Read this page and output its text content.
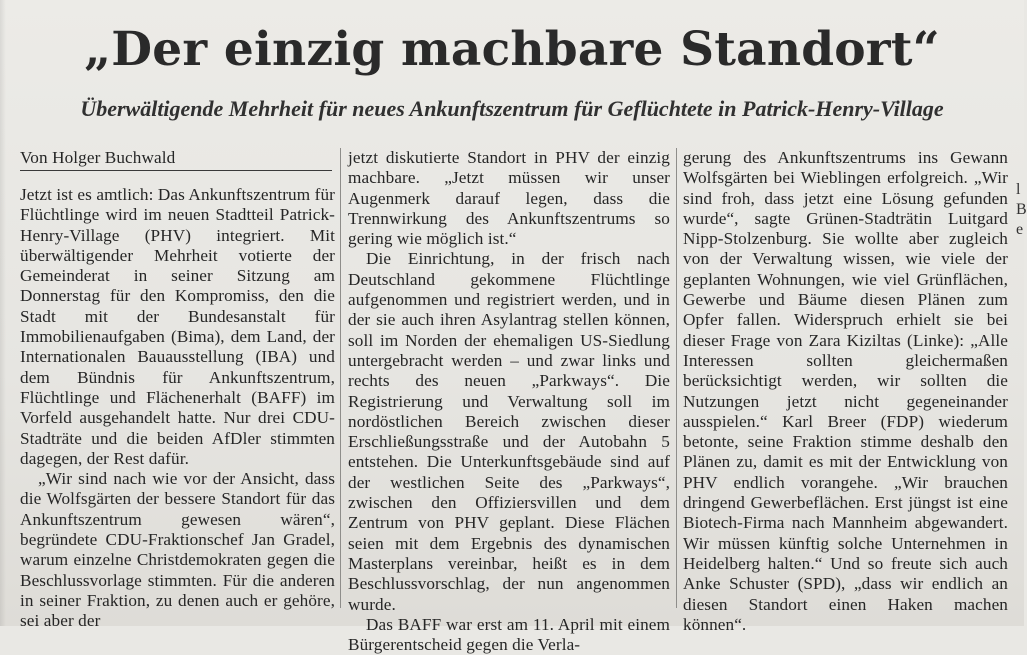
„Der einzig machbare Standort“
Überwältigende Mehrheit für neues Ankunftszentrum für Geflüchtete in Patrick-Henry-Village
Von Holger Buchwald

Jetzt ist es amtlich: Das Ankunftszentrum für Flüchtlinge wird im neuen Stadtteil Patrick-Henry-Village (PHV) integriert. Mit überwältigender Mehrheit votierte der Gemeinderat in seiner Sitzung am Donnerstag für den Kompromiss, den die Stadt mit der Bundesanstalt für Immobilienaufgaben (Bima), dem Land, der Internationalen Bauausstellung (IBA) und dem Bündnis für Ankunftszentrum, Flüchtlinge und Flächenerhalt (BAFF) im Vorfeld ausgehandelt hatte. Nur drei CDU-Stadträte und die beiden AfDler stimmten dagegen, der Rest dafür.

„Wir sind nach wie vor der Ansicht, dass die Wolfsgärten der bessere Standort für das Ankunftszentrum gewesen wären“, begründete CDU-Fraktionschef Jan Gradel, warum einzelne Christdemokraten gegen die Beschlussvorlage stimmten. Für die anderen in seiner Fraktion, zu denen auch er gehöre, sei aber der

jetzt diskutierte Standort in PHV der einzig machbare. „Jetzt müssen wir unser Augenmerk darauf legen, dass die Trennwirkung des Ankunftszentrums so gering wie möglich ist.“

Die Einrichtung, in der frisch nach Deutschland gekommene Flüchtlinge aufgenommen und registriert werden, und in der sie auch ihren Asylantrag stellen können, soll im Norden der ehemaligen US-Siedlung untergebracht werden – und zwar links und rechts des neuen „Parkways“. Die Registrierung und Verwaltung soll im nordöstlichen Bereich zwischen dieser Erschließungsstraße und der Autobahn 5 entstehen. Die Unterkunftsgebäude sind auf der westlichen Seite des „Parkways“, zwischen den Offiziersvillen und dem Zentrum von PHV geplant. Diese Flächen seien mit dem Ergebnis des dynamischen Masterplans vereinbar, heißt es in dem Beschlussvorschlag, der nun angenommen wurde.

Das BAFF war erst am 11. April mit einem Bürgerentscheid gegen die Verla-

gerung des Ankunftszentrums ins Gewann Wolfsgärten bei Wieblingen erfolgreich. „Wir sind froh, dass jetzt eine Lösung gefunden wurde“, sagte Grünen-Stadträtin Luitgard Nipp-Stolzenburg. Sie wollte aber zugleich von der Verwaltung wissen, wie viele der geplanten Wohnungen, wie viel Grünflächen, Gewerbe und Bäume diesen Plänen zum Opfer fallen. Widerspruch erhielt sie bei dieser Frage von Zara Kiziltas (Linke): „Alle Interessen sollten gleichermaßen berücksichtigt werden, wir sollten die Nutzungen jetzt nicht gegeneinander ausspielen.“ Karl Breer (FDP) wiederum betonte, seine Fraktion stimme deshalb den Plänen zu, damit es mit der Entwicklung von PHV endlich vorangehe. „Wir brauchen dringend Gewerbeflächen. Erst jüngst ist eine Biotech-Firma nach Mannheim abgewandert. Wir müssen künftig solche Unternehmen in Heidelberg halten.“ Und so freute sich auch Anke Schuster (SPD), „dass wir endlich an diesen Standort einen Haken machen können“.

l
B
e
